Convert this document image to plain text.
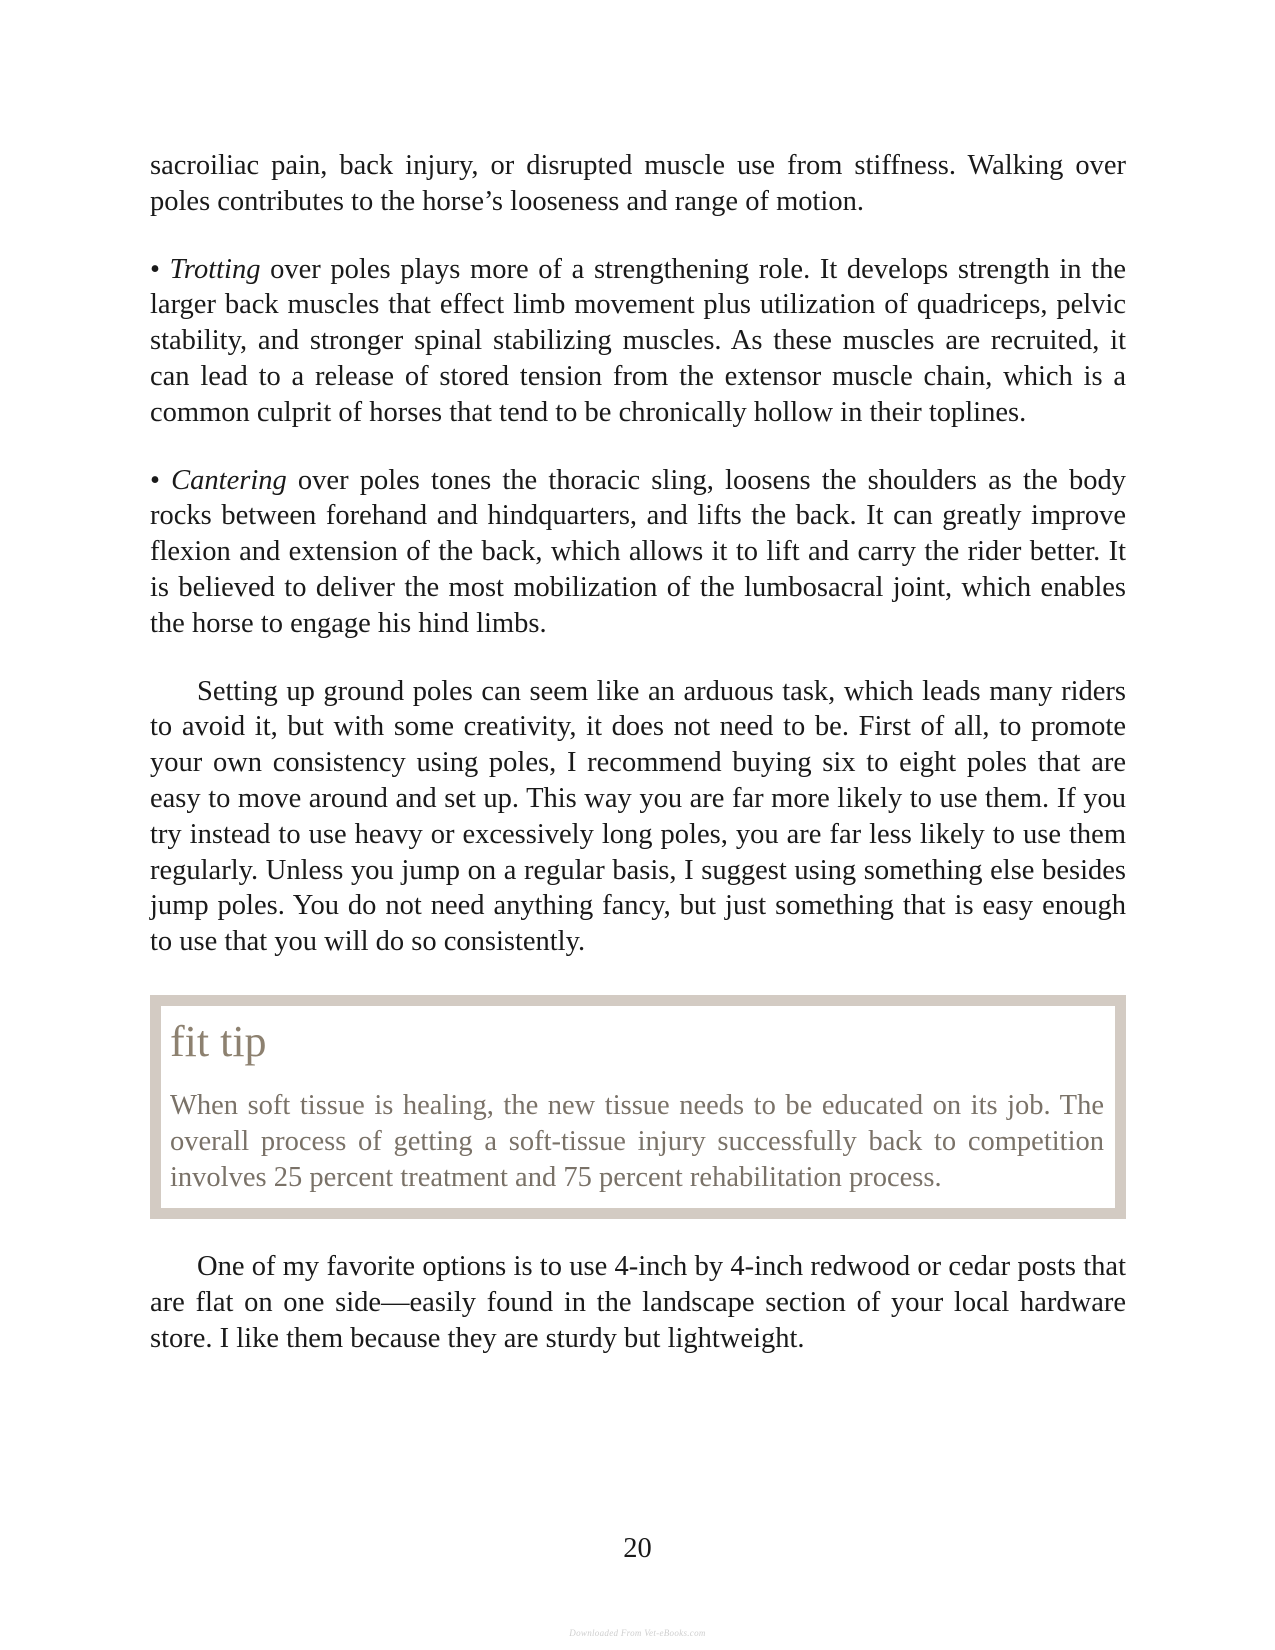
sacroiliac pain, back injury, or disrupted muscle use from stiffness. Walking over poles contributes to the horse’s looseness and range of motion.

• Trotting over poles plays more of a strengthening role. It develops strength in the larger back muscles that effect limb movement plus utilization of quadriceps, pelvic stability, and stronger spinal stabilizing muscles. As these muscles are recruited, it can lead to a release of stored tension from the extensor muscle chain, which is a common culprit of horses that tend to be chronically hollow in their toplines.

• Cantering over poles tones the thoracic sling, loosens the shoulders as the body rocks between forehand and hindquarters, and lifts the back. It can greatly improve flexion and extension of the back, which allows it to lift and carry the rider better. It is believed to deliver the most mobilization of the lumbosacral joint, which enables the horse to engage his hind limbs.

Setting up ground poles can seem like an arduous task, which leads many riders to avoid it, but with some creativity, it does not need to be. First of all, to promote your own consistency using poles, I recommend buying six to eight poles that are easy to move around and set up. This way you are far more likely to use them. If you try instead to use heavy or excessively long poles, you are far less likely to use them regularly. Unless you jump on a regular basis, I suggest using something else besides jump poles. You do not need anything fancy, but just something that is easy enough to use that you will do so consistently.

fit tip

When soft tissue is healing, the new tissue needs to be educated on its job. The overall process of getting a soft-tissue injury successfully back to competition involves 25 percent treatment and 75 percent rehabilitation process.

One of my favorite options is to use 4-inch by 4-inch redwood or cedar posts that are flat on one side—easily found in the landscape section of your local hardware store. I like them because they are sturdy but lightweight.

20
Downloaded From Vet-eBooks.com
